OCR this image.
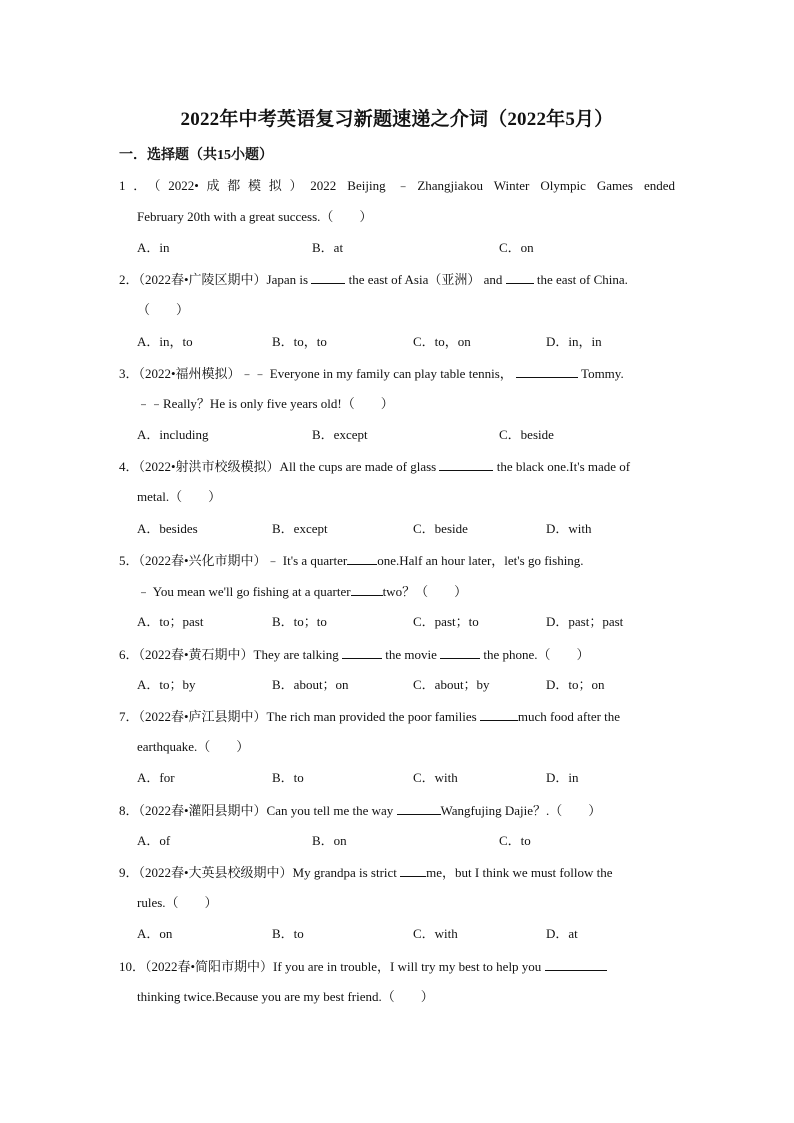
2022年中考英语复习新题速递之介词（2022年5月）
一．选择题（共15小题）
1．（2022•成都模拟）2022 Beijing ﹣Zhangjiakou Winter Olympic Games ended
February 20th with a great success.（　　）
A．in	B．at	C．on
2．（2022春•广陵区期中）Japan is	the east of Asia（亚洲） and	the east of China.
（　　）
A．in，to	B．to，to	C．to，on	D．in，in
3．（2022•福州模拟）﹣﹣ Everyone in my family can play table tennis，	Tommy.
﹣﹣Really？He is only five years old!（　　）
A．including	B．except	C．beside
4．（2022•射洪市校级模拟）All the cups are made of glass	the black one.It's made of
metal.（　　）
A．besides	B．except	C．beside	D．with
5．（2022春•兴化市期中）﹣ It's a quarter one.Half an hour later，let's go fishing.
﹣ You mean we'll go fishing at a quarter two？（　　）
A．to；past	B．to；to	C．past；to	D．past；past
6．（2022春•黄石期中）They are talking	the movie	the phone.（　　）
A．to；by	B．about；on	C．about；by	D．to；on
7．（2022春•庐江县期中）The rich man provided the poor families	much food after the
earthquake.（　　）
A．for	B．to	C．with	D．in
8．（2022春•灌阳县期中）Can you tell me the way	Wangfujing Dajie？.（　　）
A．of	B．on	C．to
9．（2022春•大英县校级期中）My grandpa is strict me，but I think we must follow the
rules.（　　）
A．on	B．to	C．with	D．at
10．（2022春•简阳市期中）If you are in trouble，I will try my best to help you
thinking twice.Because you are my best friend.（　　）
